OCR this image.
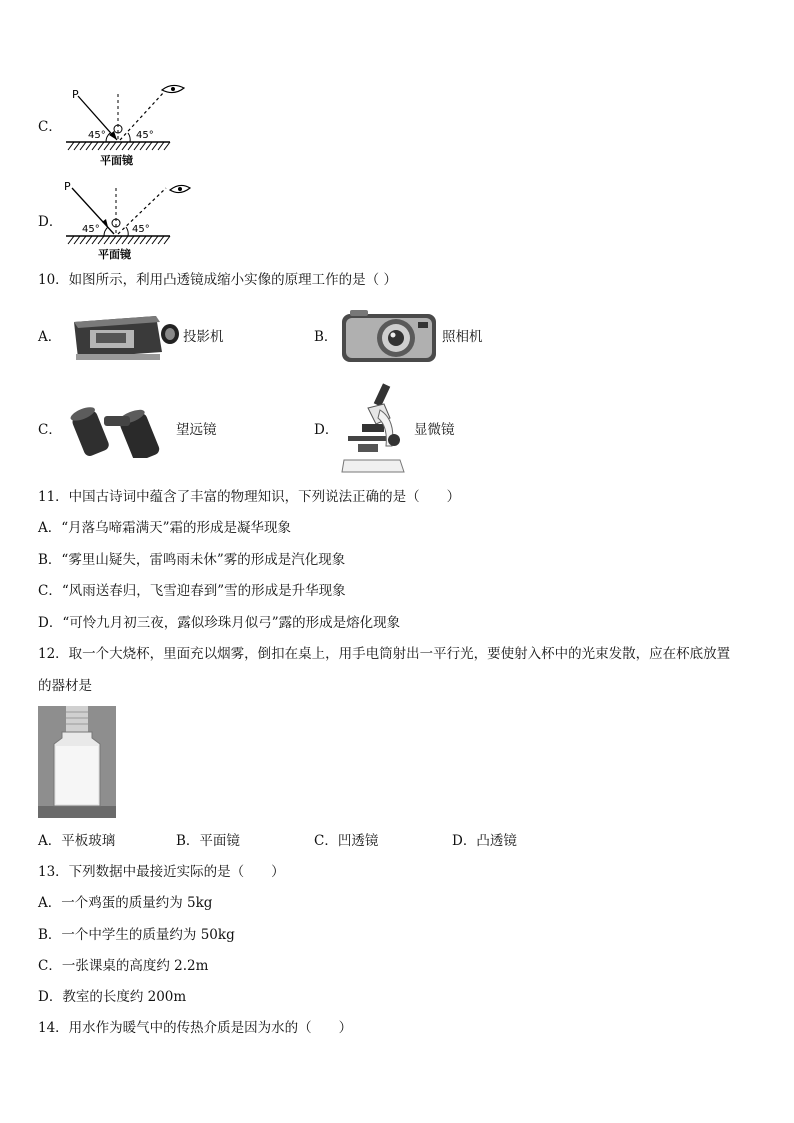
C．
P
45°	45°
平面镜
D．
P
45°	45°
平面镜
10．如图所示，利用凸透镜成缩小实像的原理工作的是（ ）
A．	投影机	B．	照相机
C．	望远镜	D．	显微镜
11．中国古诗词中蕴含了丰富的物理知识，下列说法正确的是（　　）
A．“月落乌啼霜满天”霜的形成是凝华现象
B．“雾里山疑失，雷鸣雨未休”雾的形成是汽化现象
C．“风雨送春归，飞雪迎春到”雪的形成是升华现象
D．“可怜九月初三夜，露似珍珠月似弓”露的形成是熔化现象
12．取一个大烧杯，里面充以烟雾，倒扣在桌上，用手电筒射出一平行光，要使射入杯中的光束发散，应在杯底放置
的器材是
A．平板玻璃	B．平面镜	C．凹透镜	D．凸透镜
13．下列数据中最接近实际的是（　　）
A．一个鸡蛋的质量约为 5kg
B．一个中学生的质量约为 50kg
C．一张课桌的高度约 2.2m
D．教室的长度约 200m
14．用水作为暖气中的传热介质是因为水的（　　）
